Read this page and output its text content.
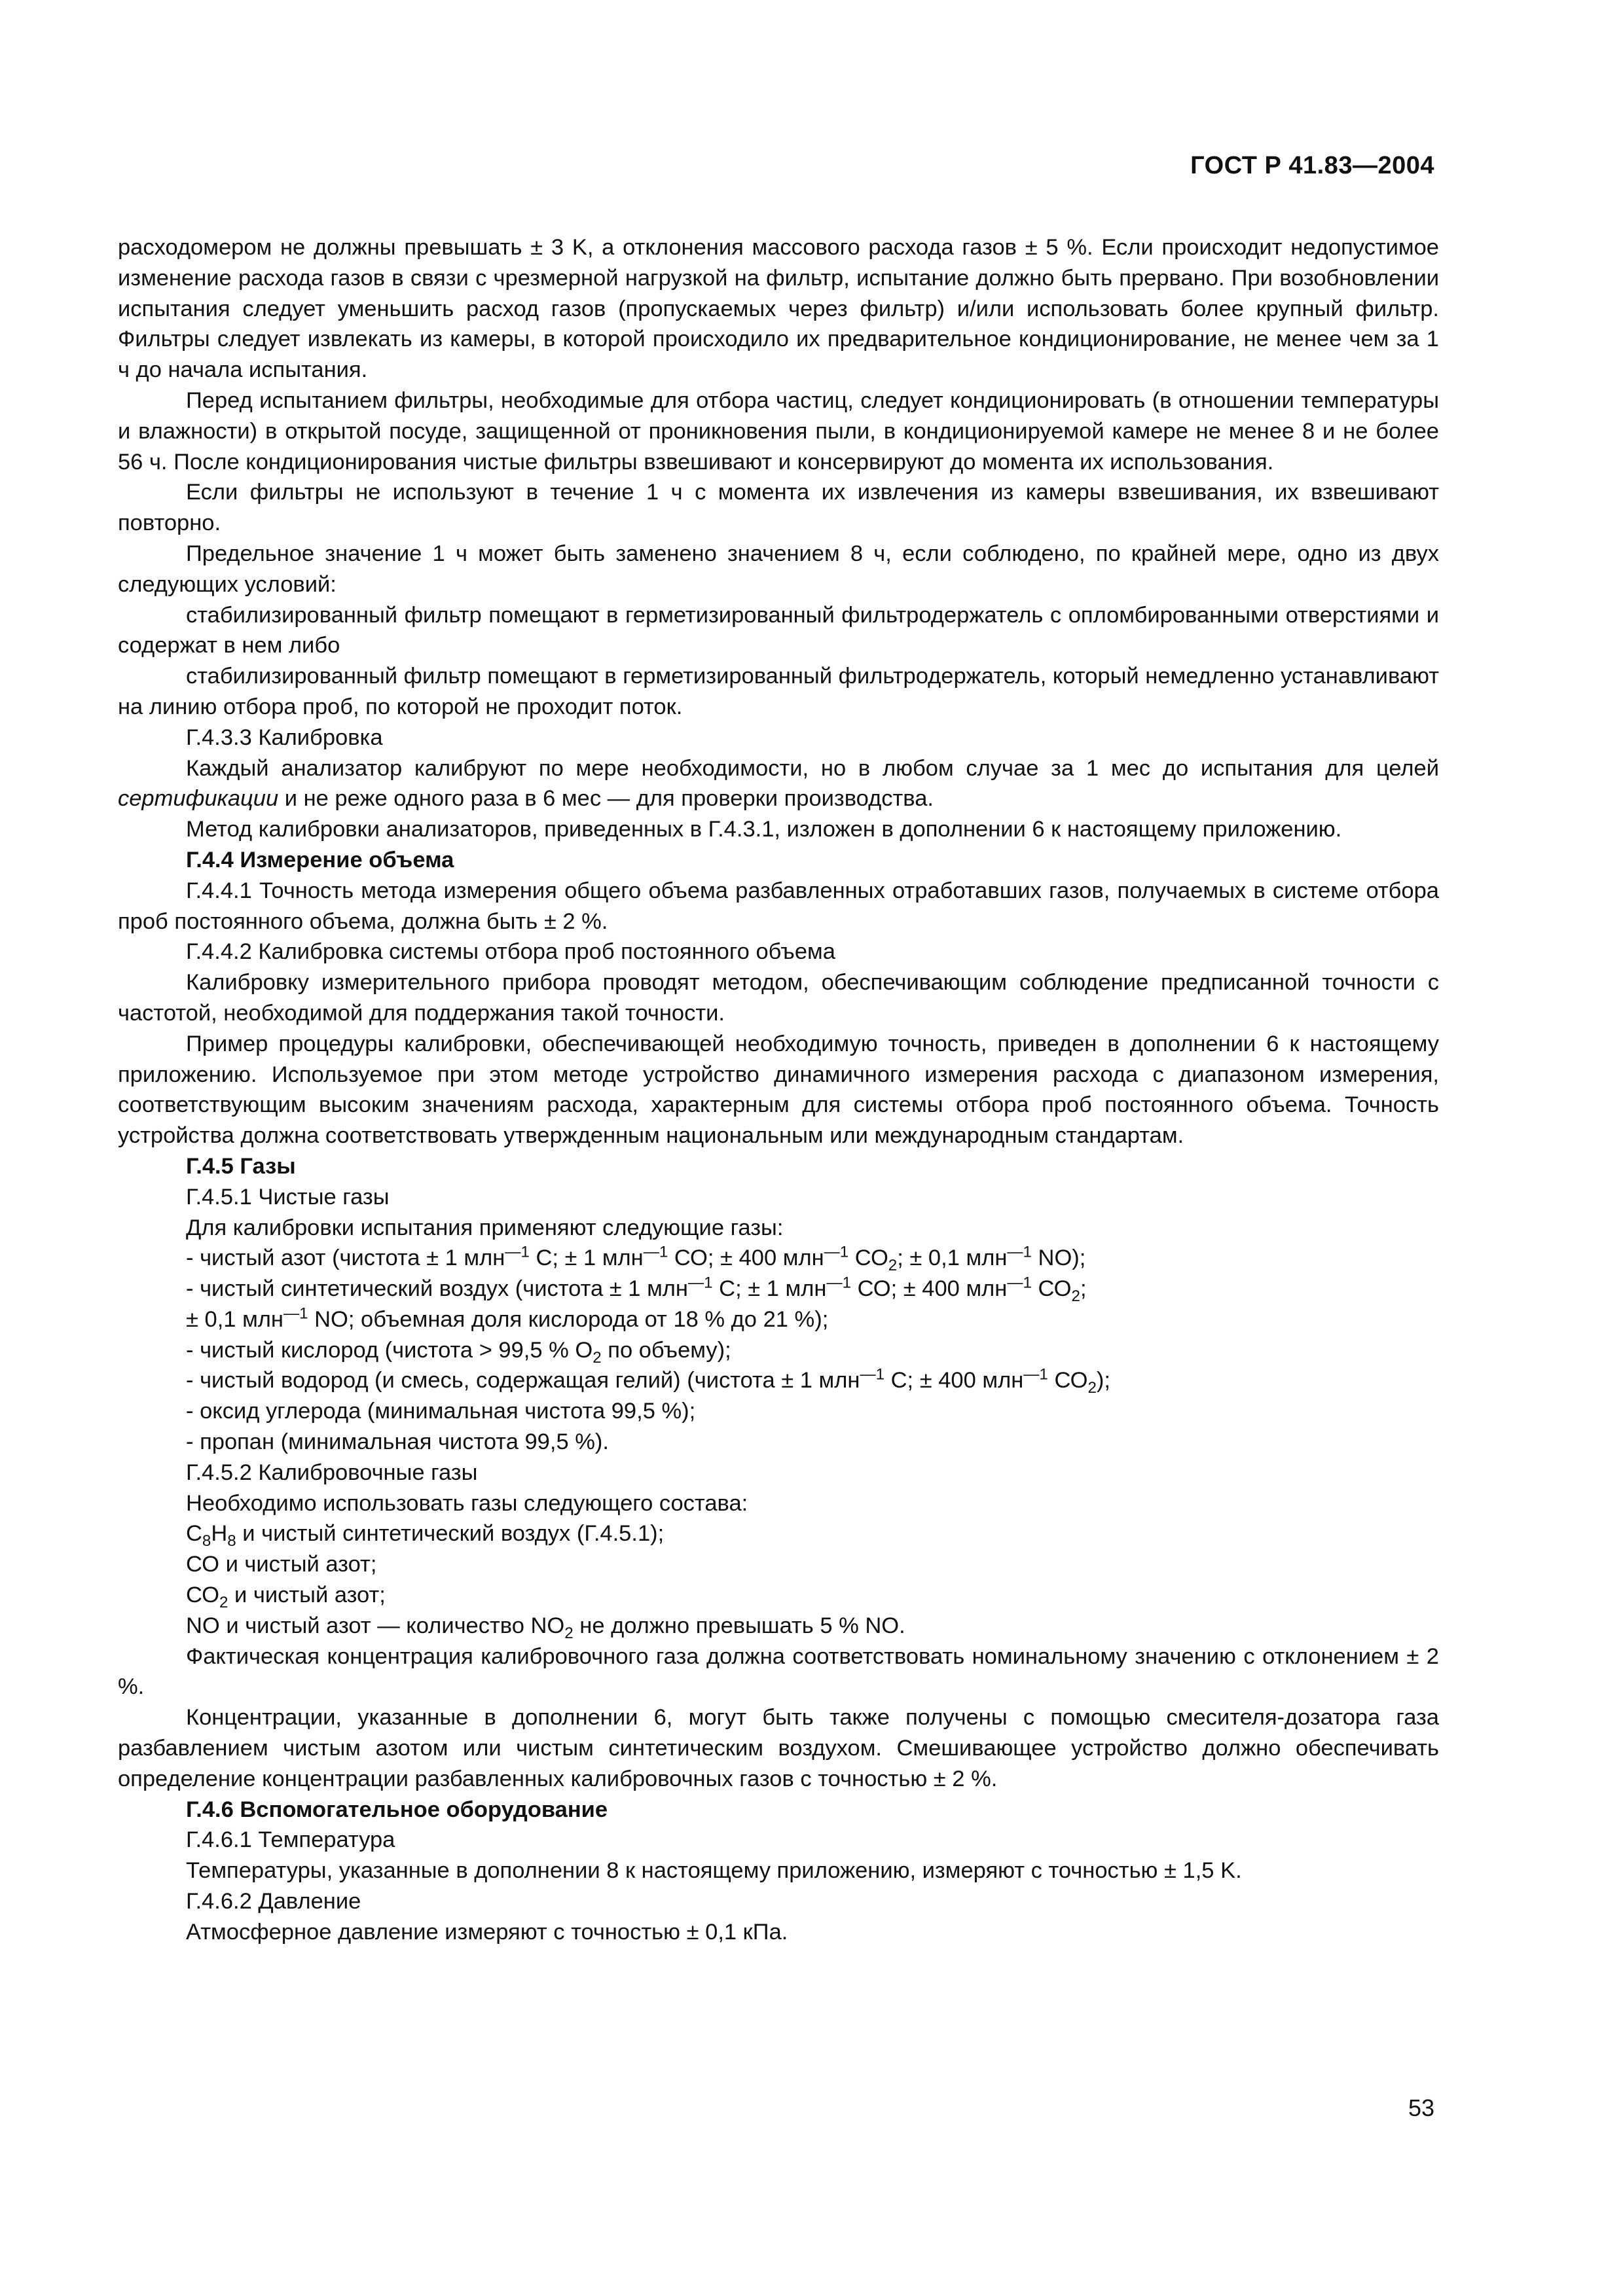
ГОСТ Р 41.83—2004

расходомером не должны превышать ± 3 K, а отклонения массового расхода газов ± 5 %. Если происходит недопустимое изменение расхода газов в связи с чрезмерной нагрузкой на фильтр, испытание должно быть прервано. При возобновлении испытания следует уменьшить расход газов (пропускаемых через фильтр) и/или использовать более крупный фильтр. Фильтры следует извлекать из камеры, в которой происходило их предварительное кондиционирование, не менее чем за 1 ч до начала испытания.

Перед испытанием фильтры, необходимые для отбора частиц, следует кондиционировать (в отношении температуры и влажности) в открытой посуде, защищенной от проникновения пыли, в кондиционируемой камере не менее 8 и не более 56 ч. После кондиционирования чистые фильтры взвешивают и консервируют до момента их использования.

Если фильтры не используют в течение 1 ч с момента их извлечения из камеры взвешивания, их взвешивают повторно.

Предельное значение 1 ч может быть заменено значением 8 ч, если соблюдено, по крайней мере, одно из двух следующих условий:

стабилизированный фильтр помещают в герметизированный фильтродержатель с опломбированными отверстиями и содержат в нем либо

стабилизированный фильтр помещают в герметизированный фильтродержатель, который немедленно устанавливают на линию отбора проб, по которой не проходит поток.

Г.4.3.3 Калибровка

Каждый анализатор калибруют по мере необходимости, но в любом случае за 1 мес до испытания для целей сертификации и не реже одного раза в 6 мес — для проверки производства.

Метод калибровки анализаторов, приведенных в Г.4.3.1, изложен в дополнении 6 к настоящему приложению.

Г.4.4 Измерение объема

Г.4.4.1 Точность метода измерения общего объема разбавленных отработавших газов, получаемых в системе отбора проб постоянного объема, должна быть ± 2 %.

Г.4.4.2 Калибровка системы отбора проб постоянного объема

Калибровку измерительного прибора проводят методом, обеспечивающим соблюдение предписанной точности с частотой, необходимой для поддержания такой точности.

Пример процедуры калибровки, обеспечивающей необходимую точность, приведен в дополнении 6 к настоящему приложению. Используемое при этом методе устройство динамичного измерения расхода с диапазоном измерения, соответствующим высоким значениям расхода, характерным для системы отбора проб постоянного объема. Точность устройства должна соответствовать утвержденным национальным или международным стандартам.

Г.4.5 Газы

Г.4.5.1 Чистые газы

Для калибровки испытания применяют следующие газы:

- чистый азот (чистота ± 1 млн$^{—1}$ С; ± 1 млн$^{—1}$ СО; ± 400 млн$^{—1}$ $СО_2$; ± 0,1 млн$^{—1}$ NO);

- чистый синтетический воздух (чистота ± 1 млн$^{—1}$ С; ± 1 млн$^{—1}$ СО; ± 400 млн$^{—1}$ $СО_2$;

± 0,1 млн$^{—1}$ NO; объемная доля кислорода от 18 % до 21 %);

- чистый кислород (чистота > 99,5 % $O_2$ по объему);

- чистый водород (и смесь, содержащая гелий) (чистота ± 1 млн$^{—1}$ С; ± 400 млн$^{—1}$ $СО_2$);

- оксид углерода (минимальная чистота 99,5 %);

- пропан (минимальная чистота 99,5 %).

Г.4.5.2 Калибровочные газы

Необходимо использовать газы следующего состава:

$C_8H_8$ и чистый синтетический воздух (Г.4.5.1);

СО и чистый азот;

$СО_2$ и чистый азот;

NO и чистый азот — количество $NO_2$ не должно превышать 5 % NO.

Фактическая концентрация калибровочного газа должна соответствовать номинальному значению с отклонением ± 2 %.

Концентрации, указанные в дополнении 6, могут быть также получены с помощью смесителя-дозатора газа разбавлением чистым азотом или чистым синтетическим воздухом. Смешивающее устройство должно обеспечивать определение концентрации разбавленных калибровочных газов с точностью ± 2 %.

Г.4.6 Вспомогательное оборудование

Г.4.6.1 Температура

Температуры, указанные в дополнении 8 к настоящему приложению, измеряют с точностью ± 1,5 K.

Г.4.6.2 Давление

Атмосферное давление измеряют с точностью ± 0,1 кПа.

53
